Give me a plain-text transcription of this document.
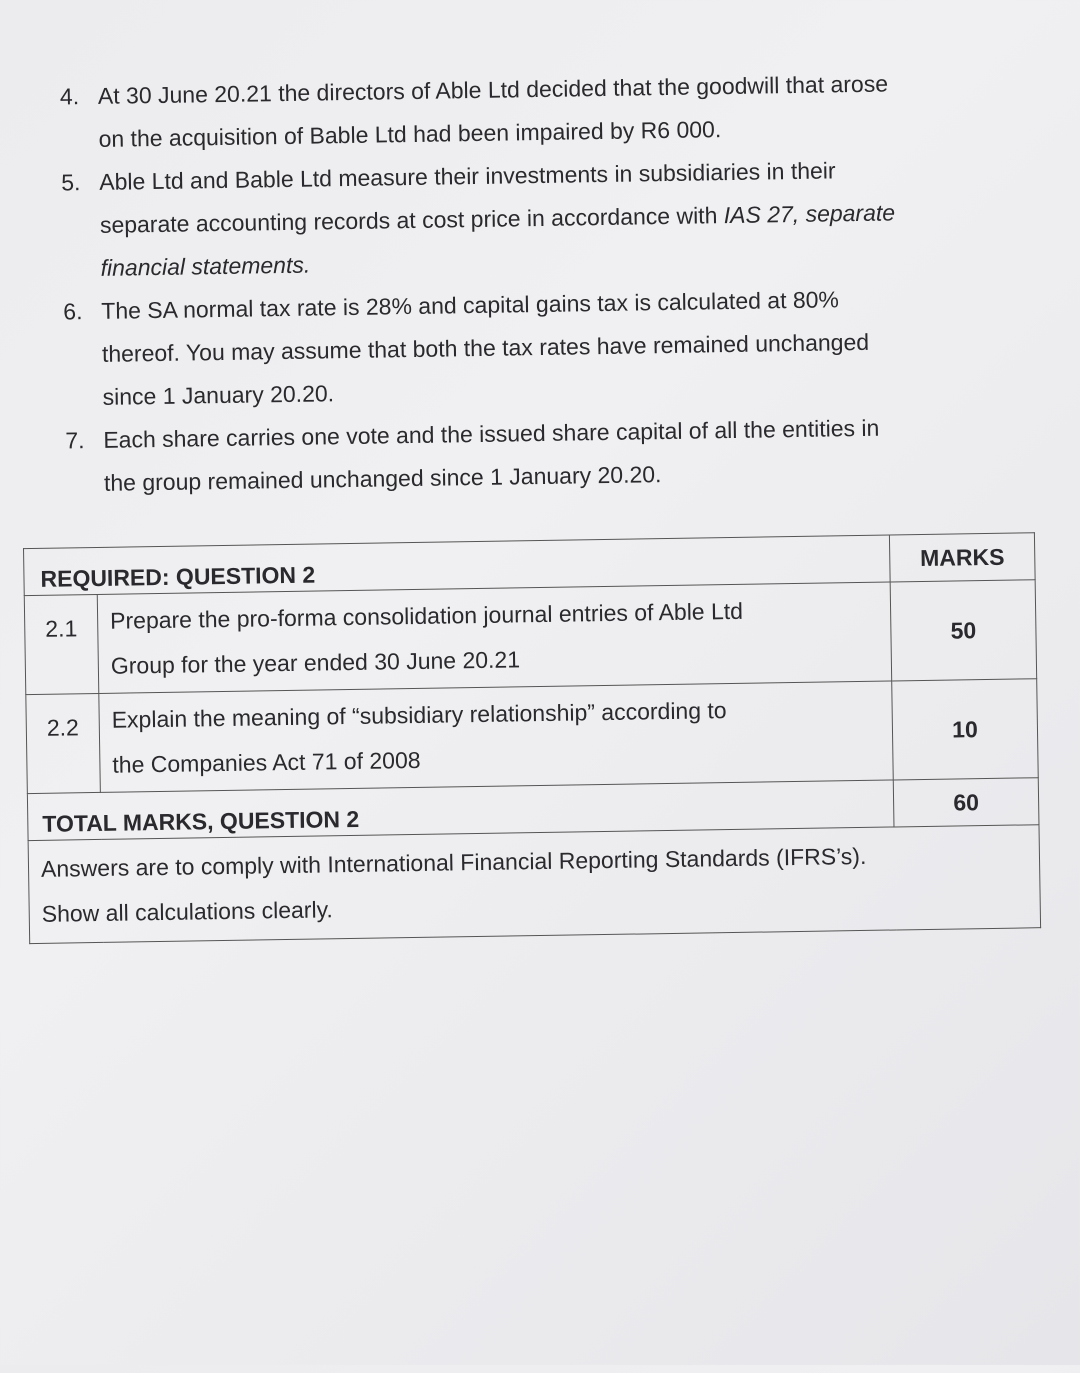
4. At 30 June 20.21 the directors of Able Ltd decided that the goodwill that arose
on the acquisition of Bable Ltd had been impaired by R6 000.
5. Able Ltd and Bable Ltd measure their investments in subsidiaries in their
separate accounting records at cost price in accordance with IAS 27, separate
financial statements.
6. The SA normal tax rate is 28% and capital gains tax is calculated at 80%
thereof. You may assume that both the tax rates have remained unchanged
since 1 January 20.20.
7. Each share carries one vote and the issued share capital of all the entities in
the group remained unchanged since 1 January 20.20.
REQUIRED: QUESTION 2		MARKS
2.1	Prepare the pro-forma consolidation journal entries of Able Ltd
Group for the year ended 30 June 20.21	50
2.2	Explain the meaning of “subsidiary relationship” according to
the Companies Act 71 of 2008	10
TOTAL MARKS, QUESTION 2		60

Answers are to comply with International Financial Reporting Standards (IFRS’s).
Show all calculations clearly.		
